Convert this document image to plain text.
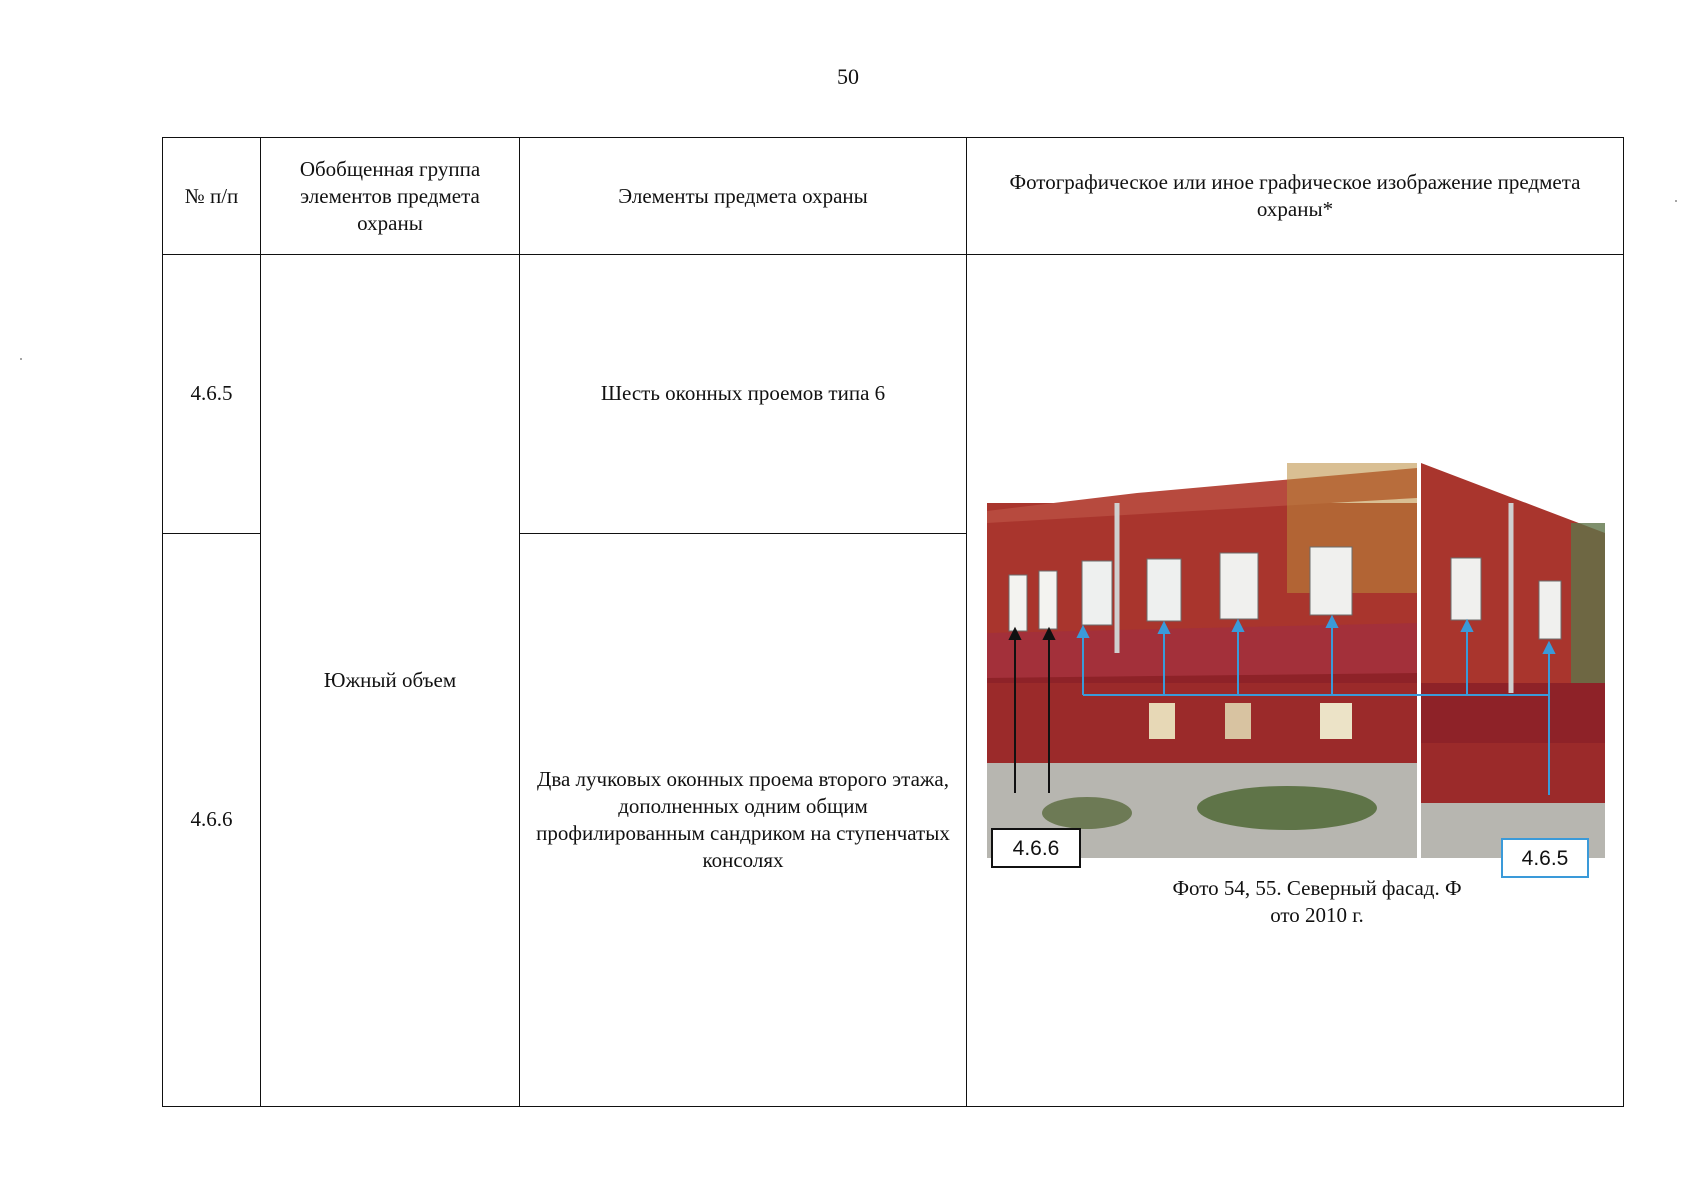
50
№ п/п	Обобщенная группа элементов предмета охраны	Элементы предмета охраны	Фотографическое или иное графическое изображение предмета охраны*
4.6.5	Южный объем	Шесть оконных проемов типа 6	4.6.6 4.6.5
Фото 54, 55. Северный фасад. Ф
ото 2010 г.

4.6.6		Два лучковых оконных проема второго этажа, дополненных одним общим профилированным сандриком на ступенчатых консолях	
